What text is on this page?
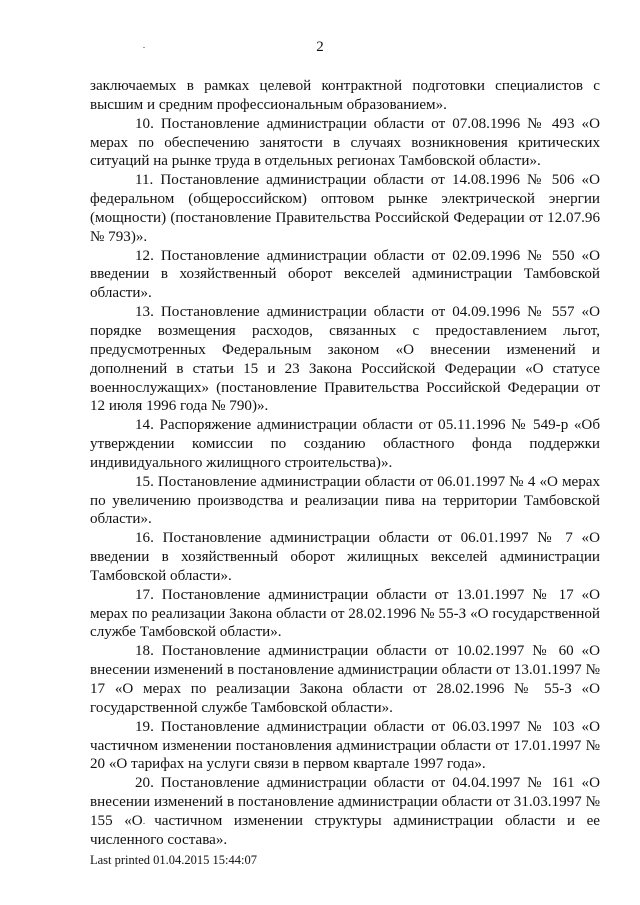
2

заключаемых в рамках целевой контрактной подготовки специалистов с высшим и средним профессиональным образованием».

10. Постановление администрации области от 07.08.1996 № 493 «О мерах по обеспечению занятости в случаях возникновения критических ситуаций на рынке труда в отдельных регионах Тамбовской области».

11. Постановление администрации области от 14.08.1996 № 506 «О федеральном (общероссийском) оптовом рынке электрической энергии (мощности) (постановление Правительства Российской Федерации от 12.07.96 № 793)».

12. Постановление администрации области от 02.09.1996 № 550 «О введении в хозяйственный оборот векселей администрации Тамбовской области».

13. Постановление администрации области от 04.09.1996 № 557 «О порядке возмещения расходов, связанных с предоставлением льгот, предусмотренных Федеральным законом «О внесении изменений и дополнений в статьи 15 и 23 Закона Российской Федерации «О статусе военнослужащих» (постановление Правительства Российской Федерации от 12 июля 1996 года № 790)».

14. Распоряжение администрации области от 05.11.1996 № 549-р «Об утверждении комиссии по созданию областного фонда поддержки индивидуального жилищного строительства)».

15. Постановление администрации области от 06.01.1997 № 4 «О мерах по увеличению производства и реализации пива на территории Тамбовской области».

16. Постановление администрации области от 06.01.1997 № 7 «О введении в хозяйственный оборот жилищных векселей администрации Тамбовской области».

17. Постановление администрации области от 13.01.1997 № 17 «О мерах по реализации Закона области от 28.02.1996 № 55-З «О государственной службе Тамбовской области».

18. Постановление администрации области от 10.02.1997 № 60 «О внесении изменений в постановление администрации области от 13.01.1997 № 17 «О мерах по реализации Закона области от 28.02.1996 № 55-З «О государственной службе Тамбовской области».

19. Постановление администрации области от 06.03.1997 № 103 «О частичном изменении постановления администрации области от 17.01.1997 № 20 «О тарифах на услуги связи в первом квартале 1997 года».

20. Постановление администрации области от 04.04.1997 № 161 «О внесении изменений в постановление администрации области от 31.03.1997 № 155 «О частичном изменении структуры администрации области и ее численного состава».

Last printed 01.04.2015 15:44:07
